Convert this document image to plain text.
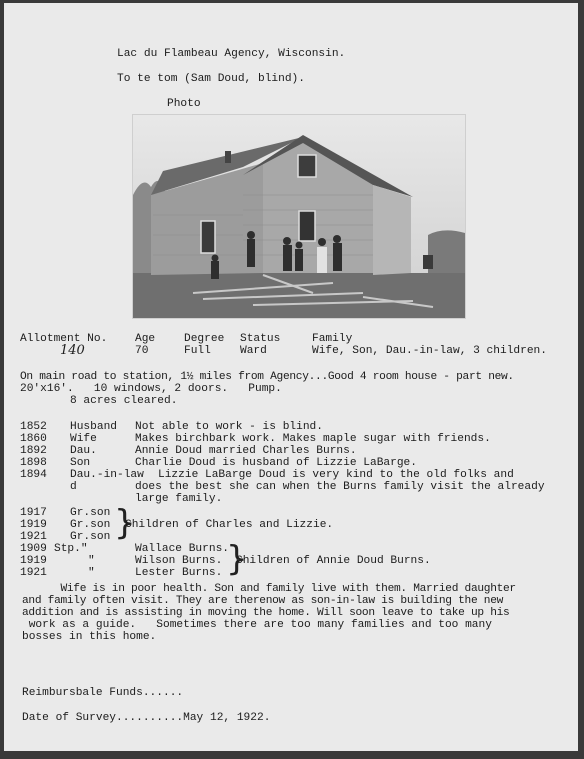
Lac du Flambeau Agency, Wisconsin.
To te tom (Sam Doud, blind).
Photo
Allotment No. Age	Degree Status	Family
140	70	Full	Ward	Wife, Son, Dau.-in-law, 3 children.
On main road to station, 1½ miles from Agency...Good 4 room house - part new.
20'x16'.   10 windows, 2 doors.   Pump.
8 acres cleared.
1852 Husband Not able to work - is blind.
1860 Wife	Makes birchbark work. Makes maple sugar with friends.
1892 Dau.	Annie Doud married Charles Burns.
1898 Son	Charlie Doud is husband of Lizzie LaBarge.
1894 Dau.-in-law Lizzie LaBarge Doud is very kind to the old folks and
d	does the best she can when the Burns family visit the already
large family.
1917 Gr.son
1919 Gr.son
1921 Gr.son }
Children of Charles and Lizzie.
1909 Stp."	Wallace Burns.
1919	"	Wilson Burns.
1921	"	Lester Burns. }
Children of Annie Doud Burns.
Wife is in poor health. Son and family live with them. Married daughter
and family often visit. They are therenow as son-in-law is building the new
addition and is assisting in moving the home. Will soon leave to take up his
work as a guide.   Sometimes there are too many families and too many
bosses in this home.
Reimbursbale Funds......
Date of Survey..........May 12, 1922.
